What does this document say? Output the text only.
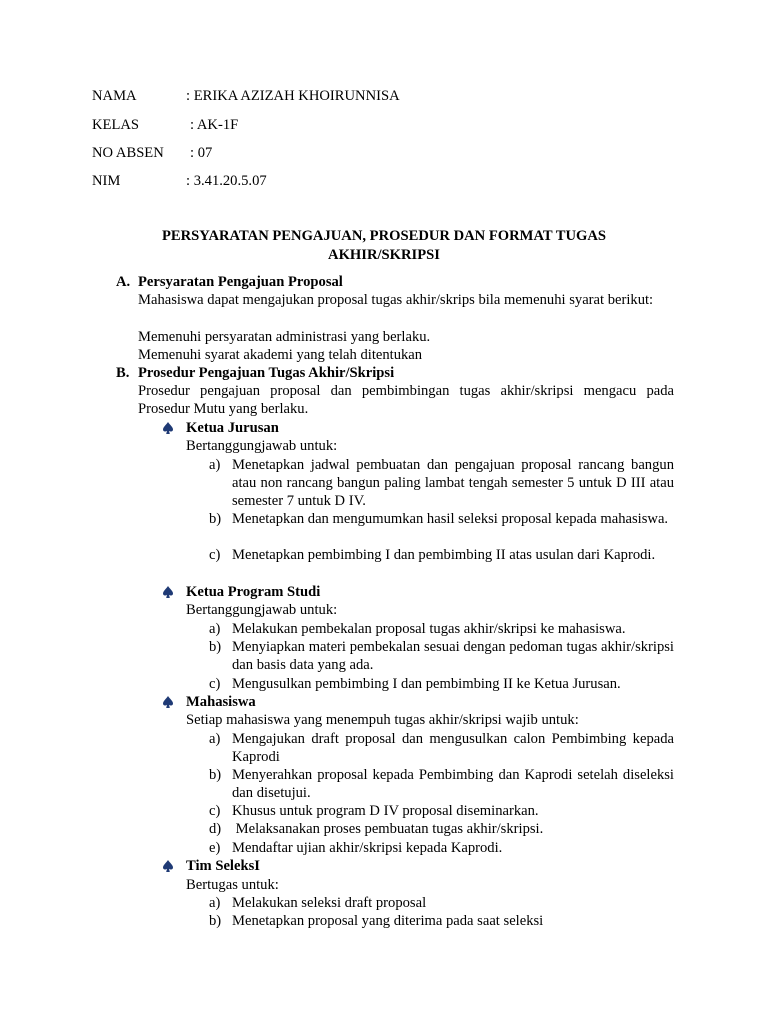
NAMA	: ERIKA AZIZAH KHOIRUNNISA
KELAS	: AK-1F
NO ABSEN : 07
NIM	: 3.41.20.5.07
PERSYARATAN PENGAJUAN, PROSEDUR DAN FORMAT TUGAS
AKHIR/SKRIPSI
A. Persyaratan Pengajuan Proposal
Mahasiswa dapat mengajukan proposal tugas akhir/skrips bila memenuhi syarat berikut:
Memenuhi persyaratan administrasi yang berlaku.
Memenuhi syarat akademi yang telah ditentukan
B. Prosedur Pengajuan Tugas Akhir/Skripsi
Prosedur pengajuan proposal dan pembimbingan tugas akhir/skripsi mengacu pada Prosedur Mutu yang berlaku.
Ketua Jurusan
Bertanggungjawab untuk:
a) Menetapkan jadwal pembuatan dan pengajuan proposal rancang bangun atau non rancang bangun paling lambat tengah semester 5 untuk D III atau semester 7 untuk D IV.
b) Menetapkan dan mengumumkan hasil seleksi proposal kepada mahasiswa.
c) Menetapkan pembimbing I dan pembimbing II atas usulan dari Kaprodi.
Ketua Program Studi
Bertanggungjawab untuk:
a) Melakukan pembekalan proposal tugas akhir/skripsi ke mahasiswa.
b) Menyiapkan materi pembekalan sesuai dengan pedoman tugas akhir/skripsi dan basis data yang ada.
c) Mengusulkan pembimbing I dan pembimbing II ke Ketua Jurusan.
Mahasiswa
Setiap mahasiswa yang menempuh tugas akhir/skripsi wajib untuk:
a) Mengajukan draft proposal dan mengusulkan calon Pembimbing kepada Kaprodi
b) Menyerahkan proposal kepada Pembimbing dan Kaprodi setelah diseleksi dan disetujui.
c) Khusus untuk program D IV proposal diseminarkan.
d) Melaksanakan proses pembuatan tugas akhir/skripsi.
e) Mendaftar ujian akhir/skripsi kepada Kaprodi.
Tim SeleksI
Bertugas untuk:
a) Melakukan seleksi draft proposal
b) Menetapkan proposal yang diterima pada saat seleksi
